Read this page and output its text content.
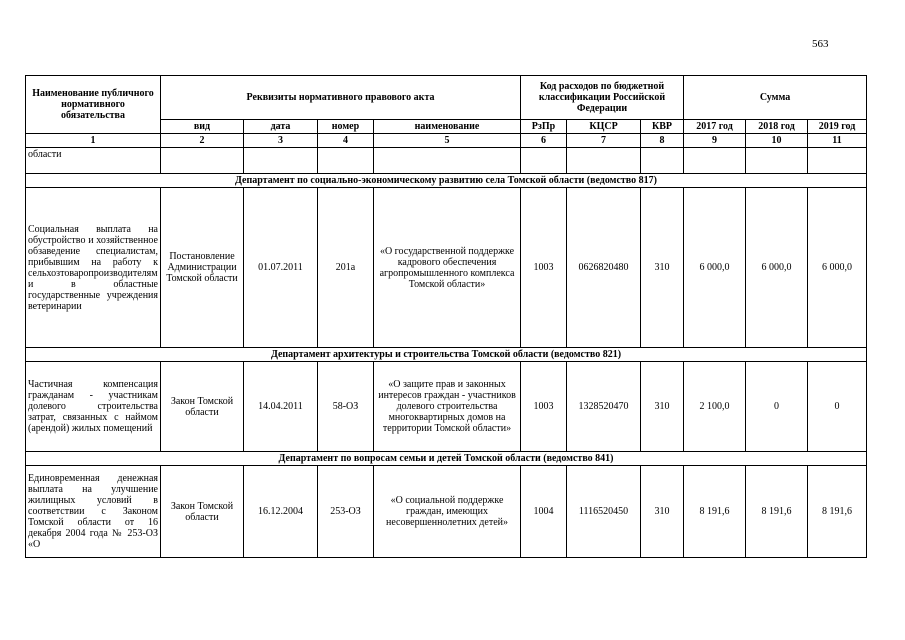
563
Наименование публичного нормативного обязательства	Реквизиты нормативного правового акта				Код расходов по бюджетной классификации Российской Федерации			Сумма		
	вид	дата	номер	наименование	РзПр	КЦСР	КВР	2017 год	2018 год	2019 год
1	2	3	4	5	6	7	8	9	10	11
области										
Департамент по социально-экономическому развитию села Томской области (ведомство 817)										
Социальная выплата на обустройство и хозяйственное обзаведение специалистам, прибывшим на работу к сельхозтоваропроизводителям и в областные государственные учреждения ветеринарии	Постановление Администрации Томской области	01.07.2011	201а	«О государственной поддержке кадрового обеспечения агропромышленного комплекса Томской области»	1003	0626820480	310	6 000,0	6 000,0	6 000,0
Департамент архитектуры и строительства Томской области (ведомство 821)										
Частичная компенсация гражданам - участникам долевого строительства затрат, связанных с наймом (арендой) жилых помещений	Закон Томской области	14.04.2011	58-ОЗ	«О защите прав и законных интересов граждан - участников долевого строительства многоквартирных домов на территории Томской области»	1003	1328520470	310	2 100,0	0	0
Департамент по вопросам семьи и детей Томской области (ведомство 841)										
Единовременная денежная выплата на улучшение жилищных условий в соответствии с Законом Томской области от 16 декабря 2004 года № 253-ОЗ «О	Закон Томской области	16.12.2004	253-ОЗ	«О социальной поддержке граждан, имеющих несовершеннолетних детей»	1004	1116520450	310	8 191,6	8 191,6	8 191,6
